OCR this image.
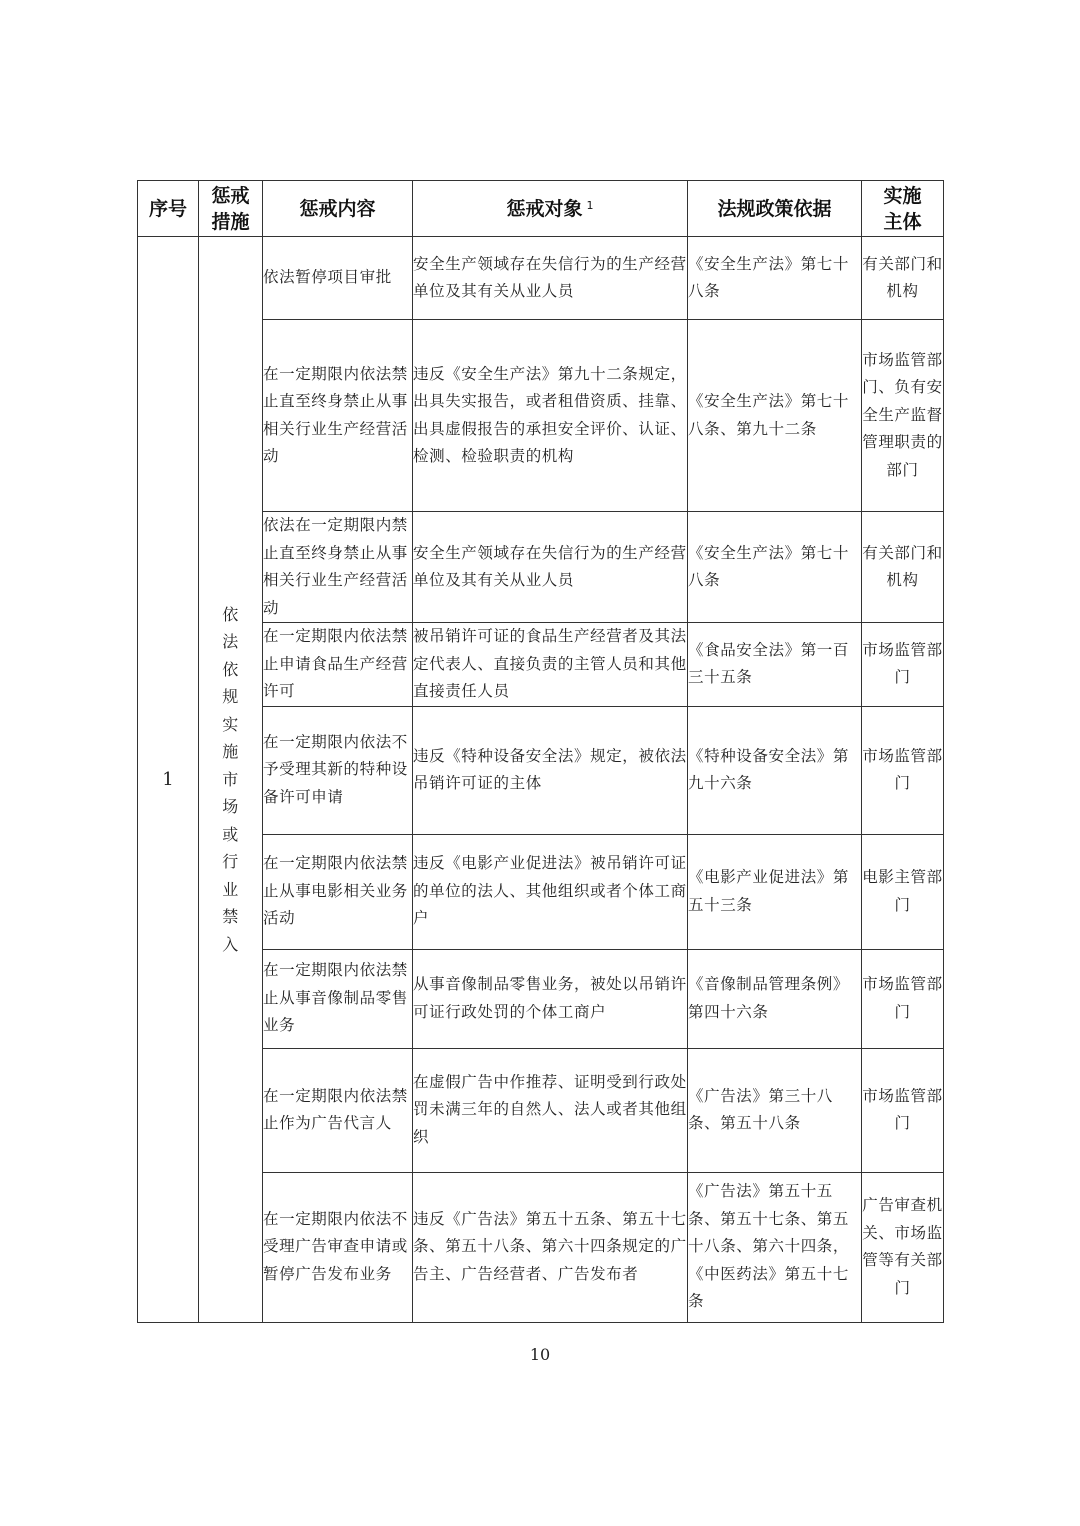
序号	惩戒措施	惩戒内容	惩戒对象 $^1$	法规政策依据	实施主体

1	依法依规实施市场或行业禁入	依法暂停项目审批	安全生产领域存在失信行为的生产经营单位及其有关从业人员	《安全生产法》第七十八条	有关部门和机构
		在一定期限内依法禁止直至终身禁止从事相关行业生产经营活动	违反《安全生产法》第九十二条规定，出具失实报告，或者租借资质、挂靠、出具虚假报告的承担安全评价、认证、检测、检验职责的机构	《安全生产法》第七十八条、第九十二条	市场监管部门、负有安全生产监督管理职责的部门
		依法在一定期限内禁止直至终身禁止从事相关行业生产经营活动	安全生产领域存在失信行为的生产经营单位及其有关从业人员	《安全生产法》第七十八条	有关部门和机构
		在一定期限内依法禁止申请食品生产经营许可	被吊销许可证的食品生产经营者及其法定代表人、直接负责的主管人员和其他直接责任人员	《食品安全法》第一百三十五条	市场监管部门
		在一定期限内依法不予受理其新的特种设备许可申请	违反《特种设备安全法》规定，被依法吊销许可证的主体	《特种设备安全法》第九十六条	市场监管部门
		在一定期限内依法禁止从事电影相关业务活动	违反《电影产业促进法》被吊销许可证的单位的法人、其他组织或者个体工商户	《电影产业促进法》第五十三条	电影主管部门
		在一定期限内依法禁止从事音像制品零售业务	从事音像制品零售业务，被处以吊销许可证行政处罚的个体工商户	《音像制品管理条例》第四十六条	市场监管部门
		在一定期限内依法禁止作为广告代言人	在虚假广告中作推荐、证明受到行政处罚未满三年的自然人、法人或者其他组织	《广告法》第三十八条、第五十八条	市场监管部门
		在一定期限内依法不受理广告审查申请或暂停广告发布业务	违反《广告法》第五十五条、第五十七条、第五十八条、第六十四条规定的广告主、广告经营者、广告发布者	《广告法》第五十五条、第五十七条、第五十八条、第六十四条，《中医药法》第五十七条	广告审查机关、市场监管等有关部门
10
